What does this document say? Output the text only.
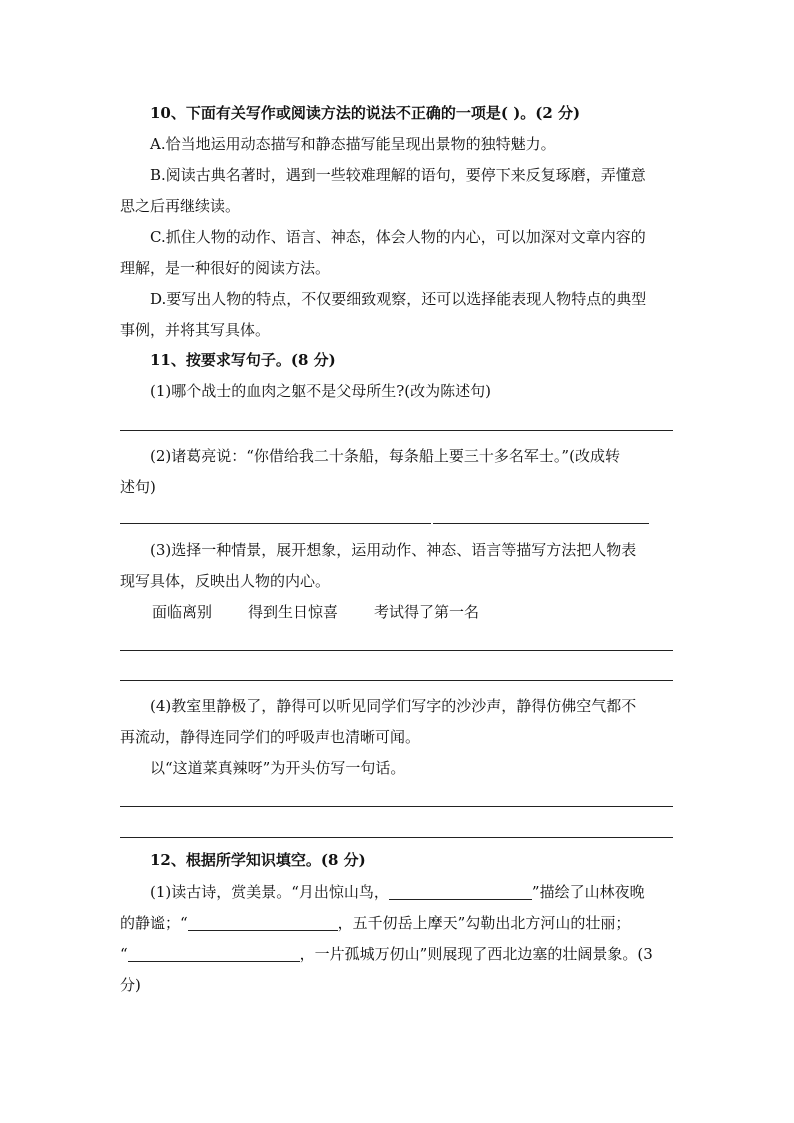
10、下面有关写作或阅读方法的说法不正确的一项是( )。(2 分)
A.恰当地运用动态描写和静态描写能呈现出景物的独特魅力。
B.阅读古典名著时，遇到一些较难理解的语句，要停下来反复琢磨，弄懂意
思之后再继续读。
C.抓住人物的动作、语言、神态，体会人物的内心，可以加深对文章内容的
理解，是一种很好的阅读方法。
D.要写出人物的特点，不仅要细致观察，还可以选择能表现人物特点的典型
事例，并将其写具体。
11、按要求写句子。(8 分)
(1)哪个战士的血肉之躯不是父母所生?(改为陈述句)
(2)诸葛亮说：“你借给我二十条船，每条船上要三十多名军士。”(改成转
述句)
(3)选择一种情景，展开想象，运用动作、神态、语言等描写方法把人物表
现写具体，反映出人物的内心。
面临离别 得到生日惊喜 考试得了第一名
(4)教室里静极了，静得可以听见同学们写字的沙沙声，静得仿佛空气都不
再流动，静得连同学们的呼吸声也清晰可闻。
以“这道菜真辣呀”为开头仿写一句话。
12、根据所学知识填空。(8 分)
(1)读古诗，赏美景。“月出惊山鸟，	”描绘了山林夜晚
的静谧；“	，五千仞岳上摩天”勾勒出北方河山的壮丽；
“	，一片孤城万仞山”则展现了西北边塞的壮阔景象。(3
分)
